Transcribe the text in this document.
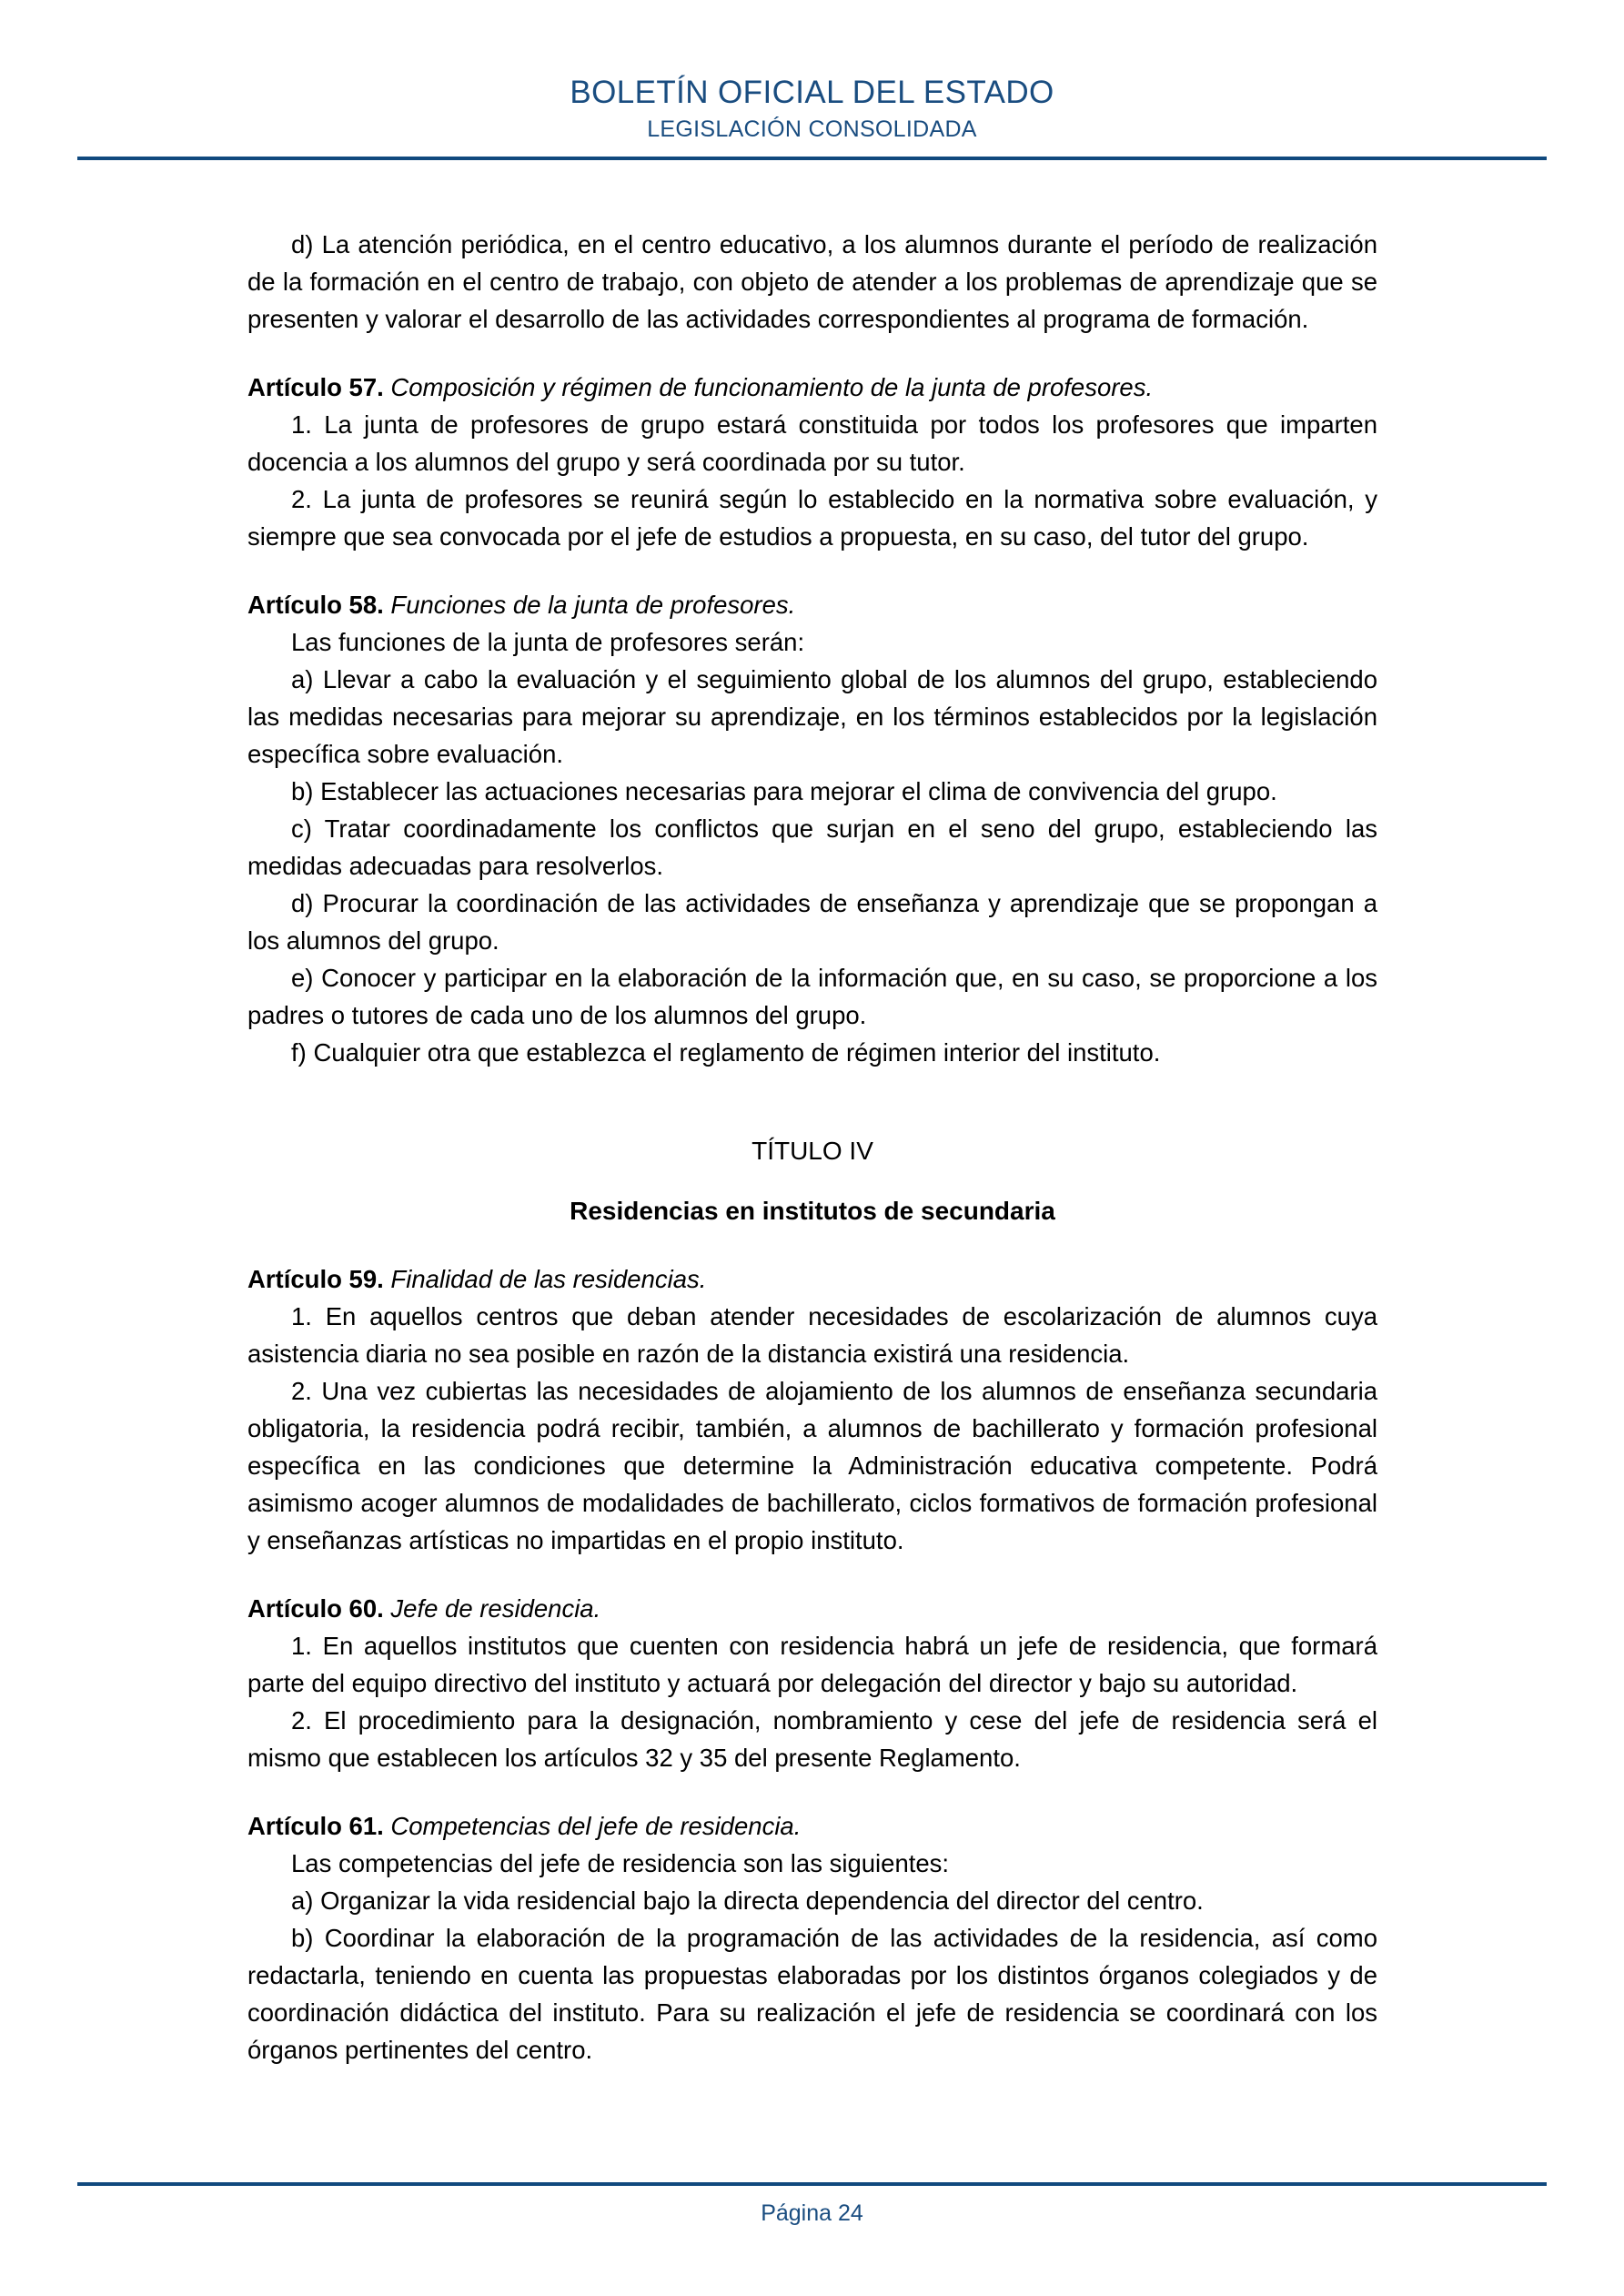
BOLETÍN OFICIAL DEL ESTADO
LEGISLACIÓN CONSOLIDADA

d) La atención periódica, en el centro educativo, a los alumnos durante el período de realización de la formación en el centro de trabajo, con objeto de atender a los problemas de aprendizaje que se presenten y valorar el desarrollo de las actividades correspondientes al programa de formación.

Artículo 57. Composición y régimen de funcionamiento de la junta de profesores.

1. La junta de profesores de grupo estará constituida por todos los profesores que imparten docencia a los alumnos del grupo y será coordinada por su tutor.

2. La junta de profesores se reunirá según lo establecido en la normativa sobre evaluación, y siempre que sea convocada por el jefe de estudios a propuesta, en su caso, del tutor del grupo.

Artículo 58. Funciones de la junta de profesores.

Las funciones de la junta de profesores serán:

a) Llevar a cabo la evaluación y el seguimiento global de los alumnos del grupo, estableciendo las medidas necesarias para mejorar su aprendizaje, en los términos establecidos por la legislación específica sobre evaluación.

b) Establecer las actuaciones necesarias para mejorar el clima de convivencia del grupo.

c) Tratar coordinadamente los conflictos que surjan en el seno del grupo, estableciendo las medidas adecuadas para resolverlos.

d) Procurar la coordinación de las actividades de enseñanza y aprendizaje que se propongan a los alumnos del grupo.

e) Conocer y participar en la elaboración de la información que, en su caso, se proporcione a los padres o tutores de cada uno de los alumnos del grupo.

f) Cualquier otra que establezca el reglamento de régimen interior del instituto.

TÍTULO IV
Residencias en institutos de secundaria

Artículo 59. Finalidad de las residencias.

1. En aquellos centros que deban atender necesidades de escolarización de alumnos cuya asistencia diaria no sea posible en razón de la distancia existirá una residencia.

2. Una vez cubiertas las necesidades de alojamiento de los alumnos de enseñanza secundaria obligatoria, la residencia podrá recibir, también, a alumnos de bachillerato y formación profesional específica en las condiciones que determine la Administración educativa competente. Podrá asimismo acoger alumnos de modalidades de bachillerato, ciclos formativos de formación profesional y enseñanzas artísticas no impartidas en el propio instituto.

Artículo 60. Jefe de residencia.

1. En aquellos institutos que cuenten con residencia habrá un jefe de residencia, que formará parte del equipo directivo del instituto y actuará por delegación del director y bajo su autoridad.

2. El procedimiento para la designación, nombramiento y cese del jefe de residencia será el mismo que establecen los artículos 32 y 35 del presente Reglamento.

Artículo 61. Competencias del jefe de residencia.

Las competencias del jefe de residencia son las siguientes:

a) Organizar la vida residencial bajo la directa dependencia del director del centro.

b) Coordinar la elaboración de la programación de las actividades de la residencia, así como redactarla, teniendo en cuenta las propuestas elaboradas por los distintos órganos colegiados y de coordinación didáctica del instituto. Para su realización el jefe de residencia se coordinará con los órganos pertinentes del centro.

Página 24
